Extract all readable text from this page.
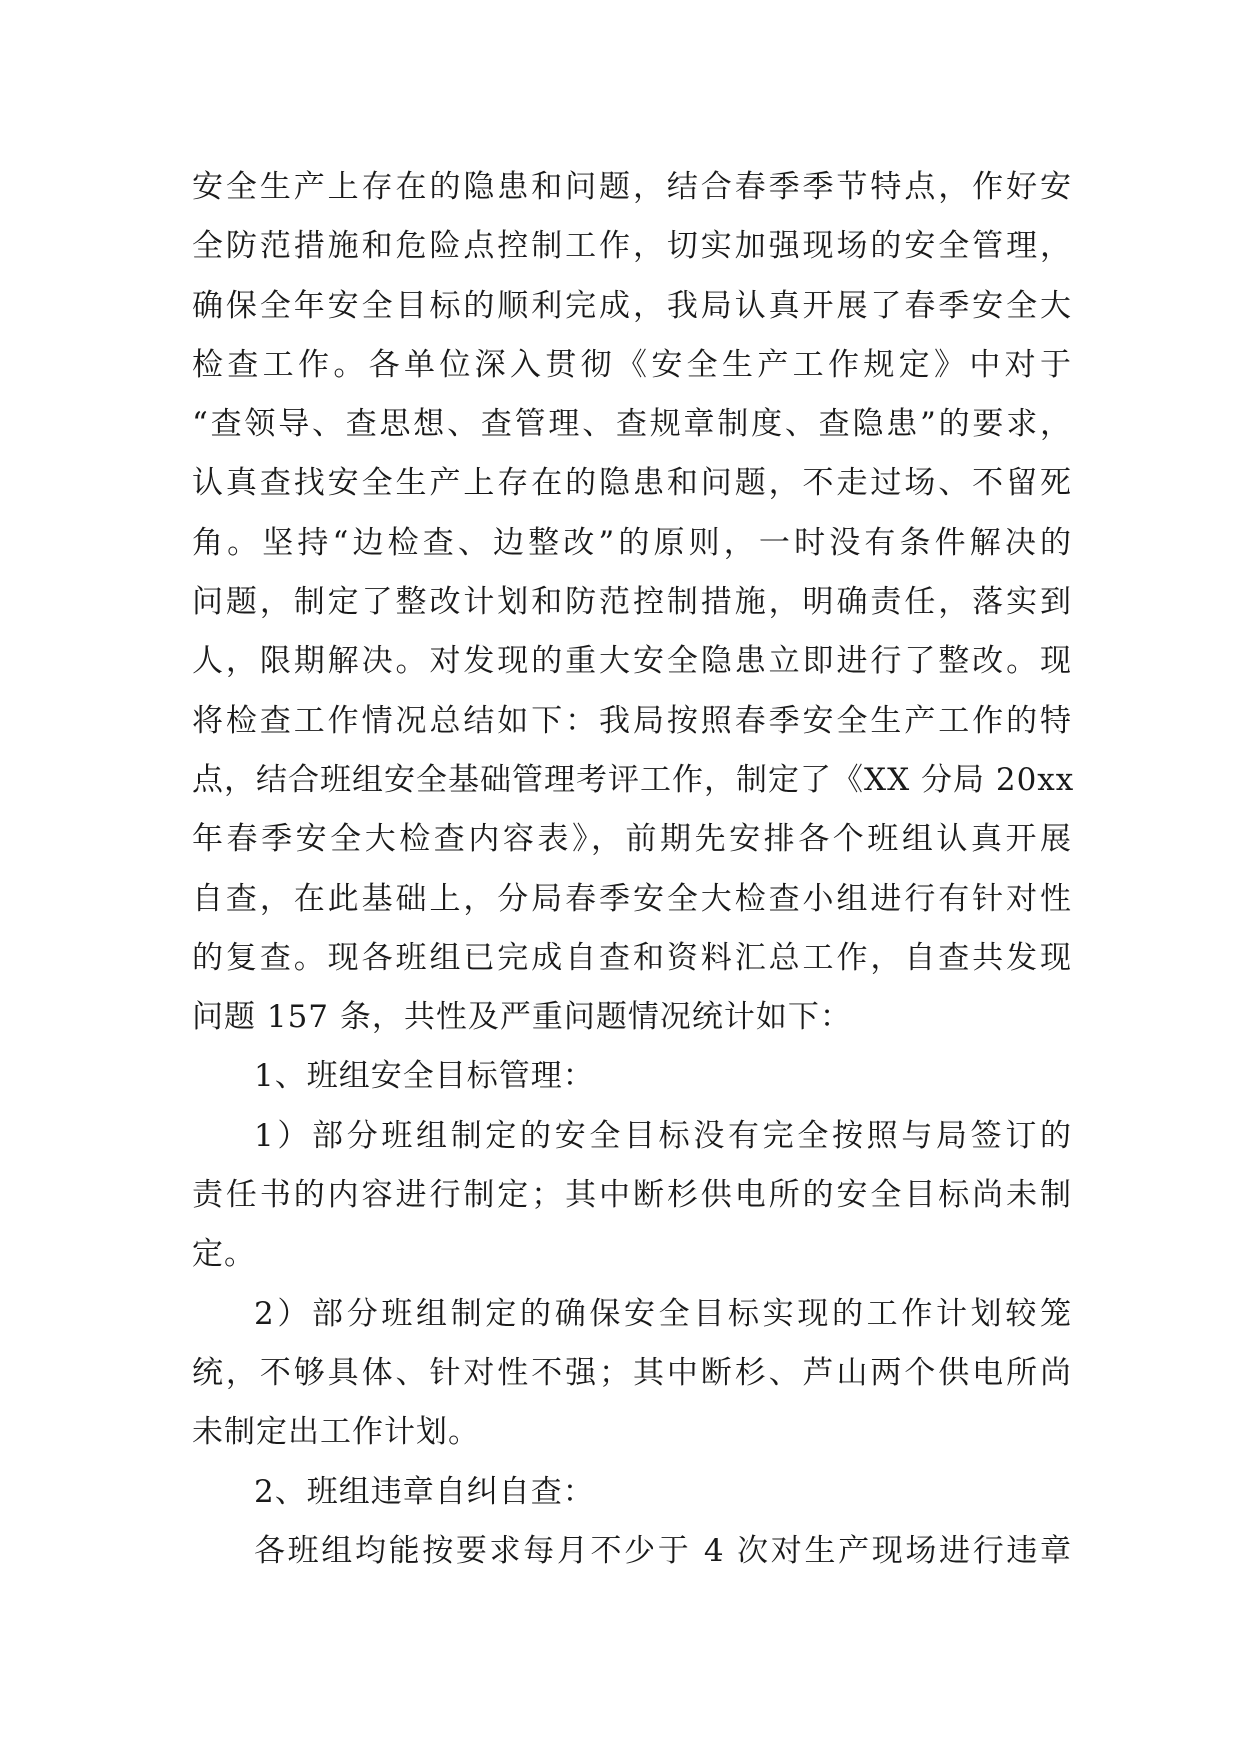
安全生产上存在的隐患和问题，结合春季季节特点，作好安
全防范措施和危险点控制工作，切实加强现场的安全管理，
确保全年安全目标的顺利完成，我局认真开展了春季安全大
检查工作。各单位深入贯彻《安全生产工作规定》中对于
“查领导、查思想、查管理、查规章制度、查隐患”的要求，
认真查找安全生产上存在的隐患和问题，不走过场、不留死
角。坚持“边检查、边整改”的原则，一时没有条件解决的
问题，制定了整改计划和防范控制措施，明确责任，落实到
人，限期解决。对发现的重大安全隐患立即进行了整改。现
将检查工作情况总结如下：我局按照春季安全生产工作的特
点，结合班组安全基础管理考评工作，制定了《XX 分局 20xx
年春季安全大检查内容表》，前期先安排各个班组认真开展
自查，在此基础上，分局春季安全大检查小组进行有针对性
的复查。现各班组已完成自查和资料汇总工作，自查共发现
问题 157 条，共性及严重问题情况统计如下：
1、班组安全目标管理：
1）部分班组制定的安全目标没有完全按照与局签订的
责任书的内容进行制定；其中断杉供电所的安全目标尚未制
定。
2）部分班组制定的确保安全目标实现的工作计划较笼
统，不够具体、针对性不强；其中断杉、芦山两个供电所尚
未制定出工作计划。
2、班组违章自纠自查：
各班组均能按要求每月不少于 4 次对生产现场进行违章
